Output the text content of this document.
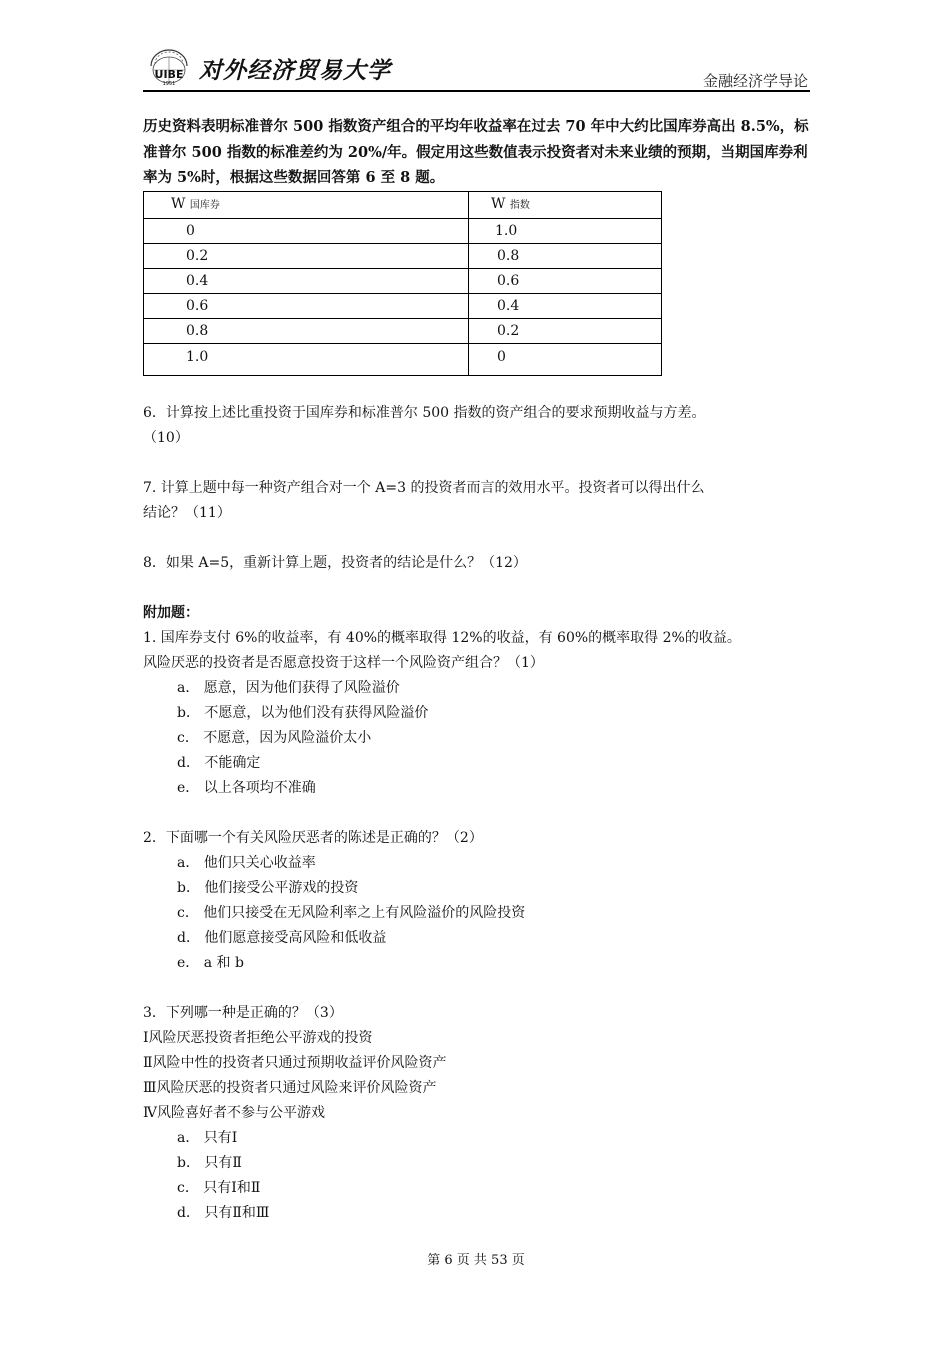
UIBE
1951 对外经济贸易大学	金融经济学导论
历史资料表明标准普尔 500 指数资产组合的平均年收益率在过去 70 年中大约比国库券高出 8.5%，标准普尔 500 指数的标准差约为 20%/年。假定用这些数值表示投资者对未来业绩的预期，当期国库券利率为 5%时，根据这些数据回答第 6 至 8 题。
W 国库券	W 指数
0	1.0
0.2	0.8
0.4	0.6
0.6	0.4
0.8	0.2
1.0	0
6．计算按上述比重投资于国库券和标准普尔 500 指数的资产组合的要求预期收益与方差。
（10）
7. 计算上题中每一种资产组合对一个 A=3 的投资者而言的效用水平。投资者可以得出什么
结论？（11）
8．如果 A=5，重新计算上题，投资者的结论是什么？（12）
附加题：
1. 国库券支付 6%的收益率，有 40%的概率取得 12%的收益，有 60%的概率取得 2%的收益。
风险厌恶的投资者是否愿意投资于这样一个风险资产组合？（1）
a． 愿意，因为他们获得了风险溢价
b． 不愿意，以为他们没有获得风险溢价
c． 不愿意，因为风险溢价太小
d． 不能确定
e． 以上各项均不准确
2．下面哪一个有关风险厌恶者的陈述是正确的？（2）
a． 他们只关心收益率
b． 他们接受公平游戏的投资
c． 他们只接受在无风险利率之上有风险溢价的风险投资
d． 他们愿意接受高风险和低收益
e． a 和 b
3．下列哪一种是正确的？（3）
Ⅰ风险厌恶投资者拒绝公平游戏的投资
Ⅱ风险中性的投资者只通过预期收益评价风险资产
Ⅲ风险厌恶的投资者只通过风险来评价风险资产
Ⅳ风险喜好者不参与公平游戏
a． 只有Ⅰ
b． 只有Ⅱ
c． 只有Ⅰ和Ⅱ
d． 只有Ⅱ和Ⅲ
第 6 页 共 53 页
